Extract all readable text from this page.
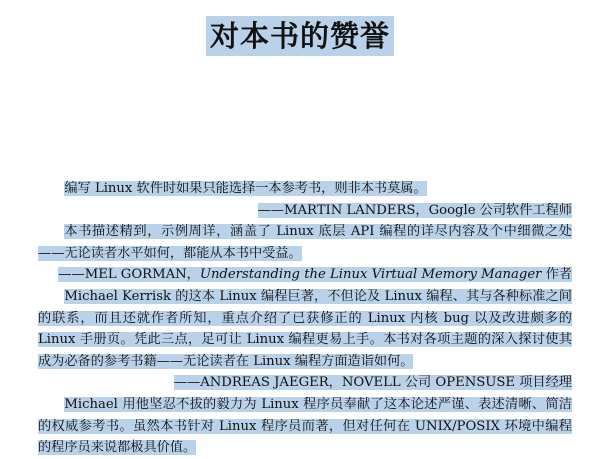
对本书的赞誉

编写 Linux 软件时如果只能选择一本参考书，则非本书莫属。

——MARTIN LANDERS，Google 公司软件工程师

本书描述精到，示例周详，涵盖了 Linux 底层 API 编程的详尽内容及个中细微之处——无论读者水平如何，都能从本书中受益。

——MEL GORMAN，Understanding the Linux Virtual Memory Manager 作者

Michael Kerrisk 的这本 Linux 编程巨著，不但论及 Linux 编程、其与各种标准之间的联系，而且还就作者所知，重点介绍了已获修正的 Linux 内核 bug 以及改进颇多的 Linux 手册页。凭此三点，足可让 Linux 编程更易上手。本书对各项主题的深入探讨使其成为必备的参考书籍——无论读者在 Linux 编程方面造诣如何。

——ANDREAS JAEGER，NOVELL 公司 OPENSUSE 项目经理

Michael 用他坚忍不拔的毅力为 Linux 程序员奉献了这本论述严谨、表述清晰、简洁的权威参考书。虽然本书针对 Linux 程序员而著，但对任何在 UNIX/POSIX 环境中编程的程序员来说都极具价值。
